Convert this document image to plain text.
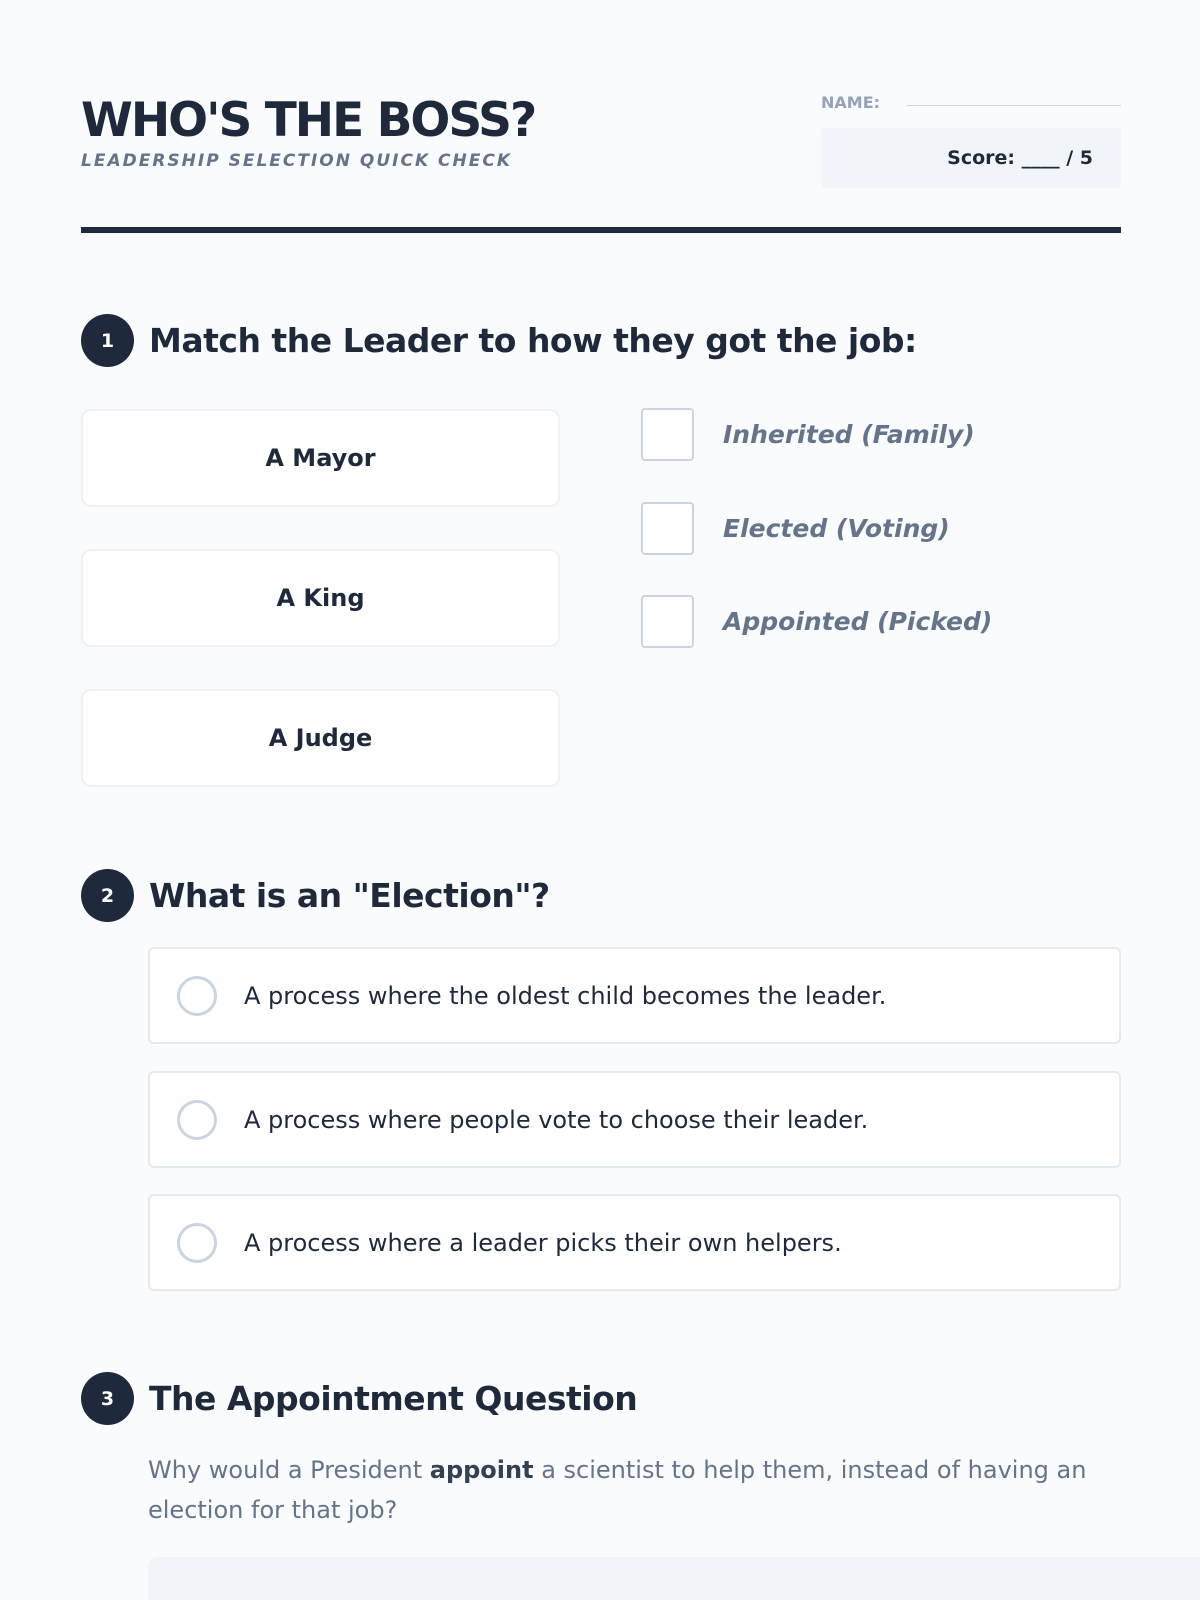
WHO'S THE BOSS?
LEADERSHIP SELECTION QUICK CHECK
NAME:
Score: ____ / 5
1	Match the Leader to how they got the job:
A Mayor
A King
A Judge
Inherited (Family)
Elected (Voting)
Appointed (Picked)
2	What is an "Election"?
A process where the oldest child becomes the leader.
A process where people vote to choose their leader.
A process where a leader picks their own helpers.
3	The Appointment Question
Why would a President appoint a scientist to help them, instead of having an election for that job?
